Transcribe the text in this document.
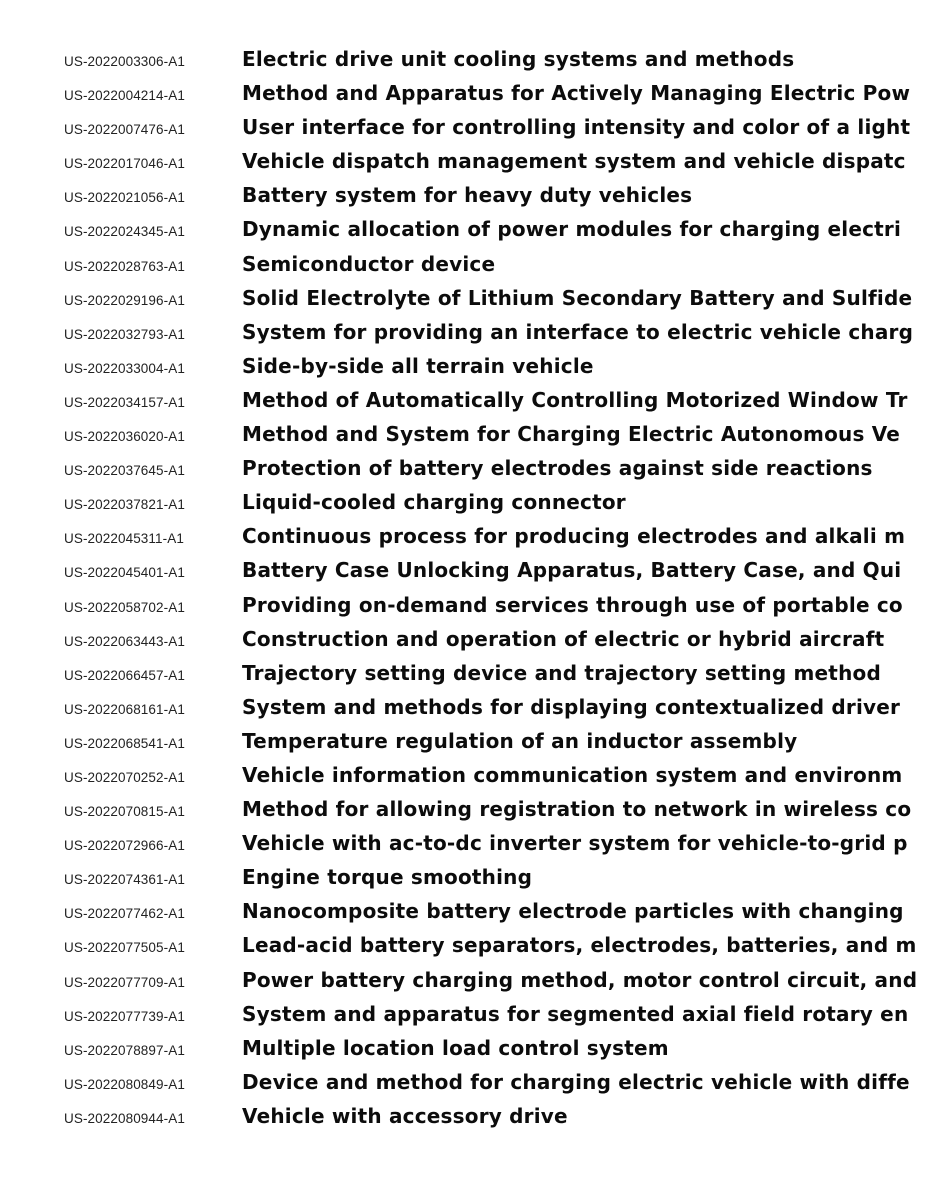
US-2022003306-A1	Electric drive unit cooling systems and methods
US-2022004214-A1	Method and Apparatus for Actively Managing Electric Pow
US-2022007476-A1	User interface for controlling intensity and color of a light
US-2022017046-A1	Vehicle dispatch management system and vehicle dispatc
US-2022021056-A1	Battery system for heavy duty vehicles
US-2022024345-A1	Dynamic allocation of power modules for charging electri
US-2022028763-A1	Semiconductor device
US-2022029196-A1	Solid Electrolyte of Lithium Secondary Battery and Sulfide
US-2022032793-A1	System for providing an interface to electric vehicle charg
US-2022033004-A1	Side-by-side all terrain vehicle
US-2022034157-A1	Method of Automatically Controlling Motorized Window Tr
US-2022036020-A1	Method and System for Charging Electric Autonomous Ve
US-2022037645-A1	Protection of battery electrodes against side reactions
US-2022037821-A1	Liquid-cooled charging connector
US-2022045311-A1	Continuous process for producing electrodes and alkali m
US-2022045401-A1	Battery Case Unlocking Apparatus, Battery Case, and Qui
US-2022058702-A1	Providing on-demand services through use of portable co
US-2022063443-A1	Construction and operation of electric or hybrid aircraft
US-2022066457-A1	Trajectory setting device and trajectory setting method
US-2022068161-A1	System and methods for displaying contextualized driver
US-2022068541-A1	Temperature regulation of an inductor assembly
US-2022070252-A1	Vehicle information communication system and environm
US-2022070815-A1	Method for allowing registration to network in wireless co
US-2022072966-A1	Vehicle with ac-to-dc inverter system for vehicle-to-grid p
US-2022074361-A1	Engine torque smoothing
US-2022077462-A1	Nanocomposite battery electrode particles with changing
US-2022077505-A1	Lead-acid battery separators, electrodes, batteries, and m
US-2022077709-A1	Power battery charging method, motor control circuit, and
US-2022077739-A1	System and apparatus for segmented axial field rotary en
US-2022078897-A1	Multiple location load control system
US-2022080849-A1	Device and method for charging electric vehicle with diffe
US-2022080944-A1	Vehicle with accessory drive
